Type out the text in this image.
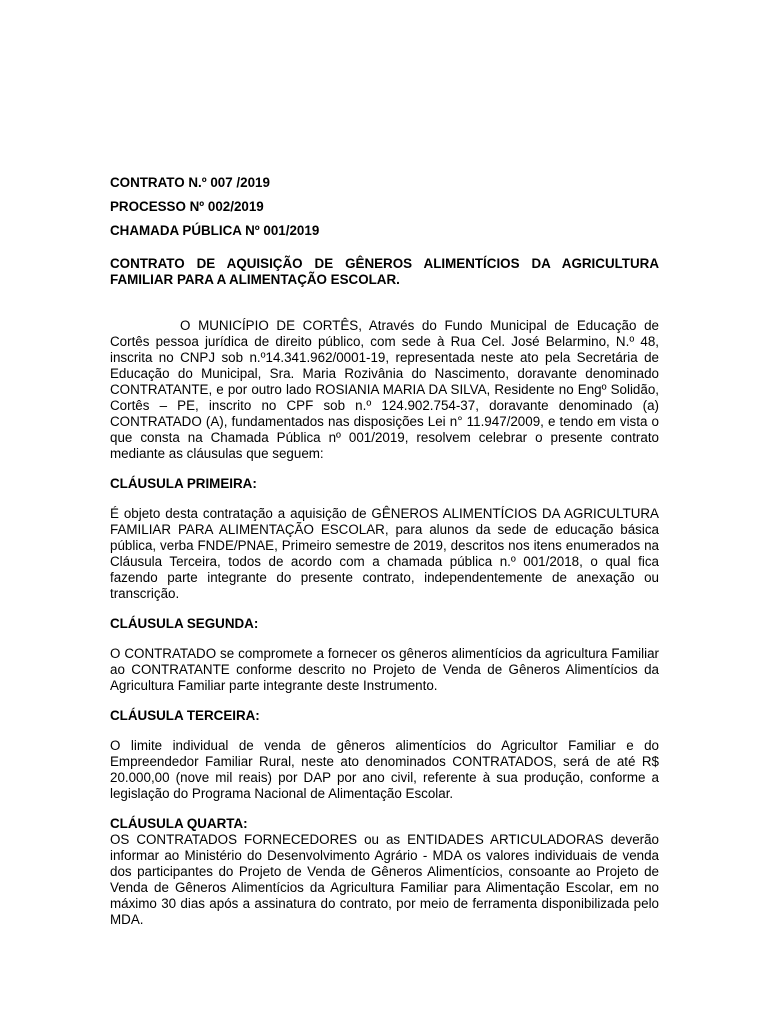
CONTRATO N.º 007 /2019

PROCESSO Nº 002/2019

CHAMADA PÚBLICA Nº 001/2019

CONTRATO DE AQUISIÇÃO DE GÊNEROS ALIMENTÍCIOS DA AGRICULTURA
FAMILIAR PARA A ALIMENTAÇÃO ESCOLAR.

O MUNICÍPIO DE CORTÊS, Através do Fundo Municipal de Educação de Cortês pessoa jurídica de direito público, com sede à Rua Cel. José Belarmino, N.º 48, inscrita no CNPJ sob n.º14.341.962/0001-19, representada neste ato pela Secretária de Educação do Municipal, Sra. Maria Rozivânia do Nascimento, doravante denominado CONTRATANTE, e por outro lado ROSIANIA MARIA DA SILVA, Residente no Engº Solidão, Cortês – PE, inscrito no CPF sob n.º 124.902.754-37, doravante denominado (a) CONTRATADO (A), fundamentados nas disposições Lei n° 11.947/2009, e tendo em vista o que consta na Chamada Pública nº 001/2019, resolvem celebrar o presente contrato mediante as cláusulas que seguem:

CLÁUSULA PRIMEIRA:

É objeto desta contratação a aquisição de GÊNEROS ALIMENTÍCIOS DA AGRICULTURA FAMILIAR PARA ALIMENTAÇÃO ESCOLAR, para alunos da sede de educação básica pública, verba FNDE/PNAE, Primeiro semestre de 2019, descritos nos itens enumerados na Cláusula Terceira, todos de acordo com a chamada pública n.º 001/2018, o qual fica fazendo parte integrante do presente contrato, independentemente de anexação ou transcrição.

CLÁUSULA SEGUNDA:

O CONTRATADO se compromete a fornecer os gêneros alimentícios da agricultura Familiar ao CONTRATANTE conforme descrito no Projeto de Venda de Gêneros Alimentícios da Agricultura Familiar parte integrante deste Instrumento.

CLÁUSULA TERCEIRA:

O limite individual de venda de gêneros alimentícios do Agricultor Familiar e do Empreendedor Familiar Rural, neste ato denominados CONTRATADOS, será de até R$ 20.000,00 (nove mil reais) por DAP por ano civil, referente à sua produção, conforme a legislação do Programa Nacional de Alimentação Escolar.

CLÁUSULA QUARTA:

OS CONTRATADOS FORNECEDORES ou as ENTIDADES ARTICULADORAS deverão informar ao Ministério do Desenvolvimento Agrário - MDA os valores individuais de venda dos participantes do Projeto de Venda de Gêneros Alimentícios, consoante ao Projeto de Venda de Gêneros Alimentícios da Agricultura Familiar para Alimentação Escolar, em no máximo 30 dias após a assinatura do contrato, por meio de ferramenta disponibilizada pelo MDA.
